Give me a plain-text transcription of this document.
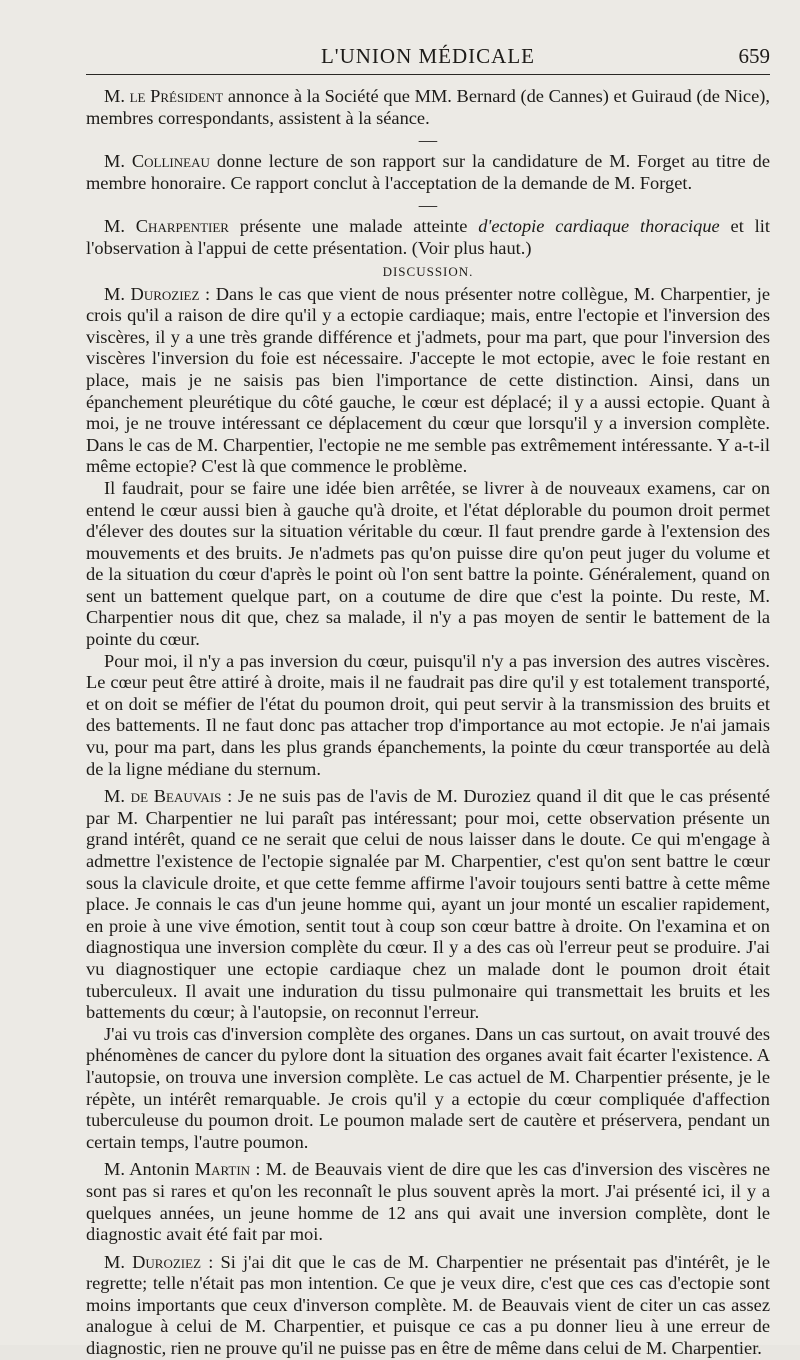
L'UNION MÉDICALE	659

M. le Président annonce à la Société que MM. Bernard (de Cannes) et Guiraud (de Nice), membres correspondants, assistent à la séance.

—

M. Collineau donne lecture de son rapport sur la candidature de M. Forget au titre de membre honoraire. Ce rapport conclut à l'acceptation de la demande de M. Forget.

—

M. Charpentier présente une malade atteinte d'ectopie cardiaque thoracique et lit l'observation à l'appui de cette présentation. (Voir plus haut.)

DISCUSSION.

M. Duroziez : Dans le cas que vient de nous présenter notre collègue, M. Charpentier, je crois qu'il a raison de dire qu'il y a ectopie cardiaque; mais, entre l'ectopie et l'inversion des viscères, il y a une très grande différence et j'admets, pour ma part, que pour l'inversion des viscères l'inversion du foie est nécessaire. J'accepte le mot ectopie, avec le foie restant en place, mais je ne saisis pas bien l'importance de cette distinction. Ainsi, dans un épanchement pleurétique du côté gauche, le cœur est déplacé; il y a aussi ectopie. Quant à moi, je ne trouve intéressant ce déplacement du cœur que lorsqu'il y a inversion complète. Dans le cas de M. Charpentier, l'ectopie ne me semble pas extrêmement intéressante. Y a-t-il même ectopie? C'est là que commence le problème.

Il faudrait, pour se faire une idée bien arrêtée, se livrer à de nouveaux examens, car on entend le cœur aussi bien à gauche qu'à droite, et l'état déplorable du poumon droit permet d'élever des doutes sur la situation véritable du cœur. Il faut prendre garde à l'extension des mouvements et des bruits. Je n'admets pas qu'on puisse dire qu'on peut juger du volume et de la situation du cœur d'après le point où l'on sent battre la pointe. Généralement, quand on sent un battement quelque part, on a coutume de dire que c'est la pointe. Du reste, M. Charpentier nous dit que, chez sa malade, il n'y a pas moyen de sentir le battement de la pointe du cœur.

Pour moi, il n'y a pas inversion du cœur, puisqu'il n'y a pas inversion des autres viscères. Le cœur peut être attiré à droite, mais il ne faudrait pas dire qu'il y est totalement transporté, et on doit se méfier de l'état du poumon droit, qui peut servir à la transmission des bruits et des battements. Il ne faut donc pas attacher trop d'importance au mot ectopie. Je n'ai jamais vu, pour ma part, dans les plus grands épanchements, la pointe du cœur transportée au delà de la ligne médiane du sternum.

M. de Beauvais : Je ne suis pas de l'avis de M. Duroziez quand il dit que le cas présenté par M. Charpentier ne lui paraît pas intéressant; pour moi, cette observation présente un grand intérêt, quand ce ne serait que celui de nous laisser dans le doute. Ce qui m'engage à admettre l'existence de l'ectopie signalée par M. Charpentier, c'est qu'on sent battre le cœur sous la clavicule droite, et que cette femme affirme l'avoir toujours senti battre à cette même place. Je connais le cas d'un jeune homme qui, ayant un jour monté un escalier rapidement, en proie à une vive émotion, sentit tout à coup son cœur battre à droite. On l'examina et on diagnostiqua une inversion complète du cœur. Il y a des cas où l'erreur peut se produire. J'ai vu diagnostiquer une ectopie cardiaque chez un malade dont le poumon droit était tuberculeux. Il avait une induration du tissu pulmonaire qui transmettait les bruits et les battements du cœur; à l'autopsie, on reconnut l'erreur.

J'ai vu trois cas d'inversion complète des organes. Dans un cas surtout, on avait trouvé des phénomènes de cancer du pylore dont la situation des organes avait fait écarter l'existence. A l'autopsie, on trouva une inversion complète. Le cas actuel de M. Charpentier présente, je le répète, un intérêt remarquable. Je crois qu'il y a ectopie du cœur compliquée d'affection tuberculeuse du poumon droit. Le poumon malade sert de cautère et préservera, pendant un certain temps, l'autre poumon.

M. Antonin Martin : M. de Beauvais vient de dire que les cas d'inversion des viscères ne sont pas si rares et qu'on les reconnaît le plus souvent après la mort. J'ai présenté ici, il y a quelques années, un jeune homme de 12 ans qui avait une inversion complète, dont le diagnostic avait été fait par moi.

M. Duroziez : Si j'ai dit que le cas de M. Charpentier ne présentait pas d'intérêt, je le regrette; telle n'était pas mon intention. Ce que je veux dire, c'est que ces cas d'ectopie sont moins importants que ceux d'inverson complète. M. de Beauvais vient de citer un cas assez analogue à celui de M. Charpentier, et puisque ce cas a pu donner lieu à une erreur de diagnostic, rien ne prouve qu'il ne puisse pas en être de même dans celui de M. Charpentier.
